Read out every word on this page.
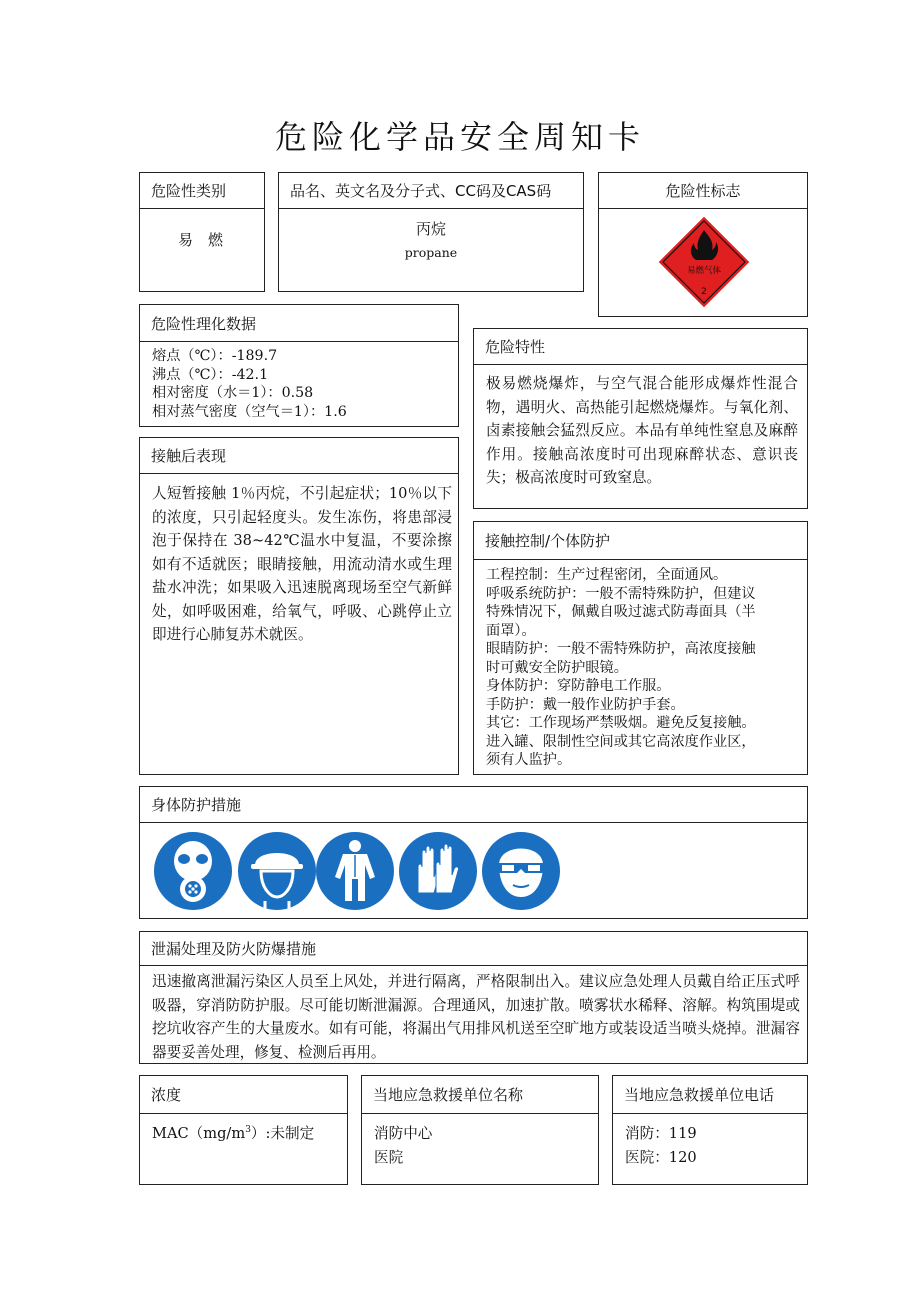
危险化学品安全周知卡
危险性类别
易　燃
品名、英文名及分子式、CC码及CAS码
丙烷
propane
危险性标志
易燃气体
2
危险性理化数据
熔点（℃）：-189.7
沸点（℃）：-42.1
相对密度（水＝1）：0.58
相对蒸气密度（空气＝1）：1.6
危险特性
极易燃烧爆炸，与空气混合能形成爆炸性混合物，遇明火、高热能引起燃烧爆炸。与氧化剂、卤素接触会猛烈反应。本品有单纯性窒息及麻醉作用。接触高浓度时可出现麻醉状态、意识丧失；极高浓度时可致窒息。
接触后表现
人短暂接触 1％丙烷，不引起症状；10％以下的浓度，只引起轻度头。发生冻伤，将患部浸泡于保持在 38~42℃温水中复温，不要涂擦如有不适就医；眼睛接触，用流动清水或生理盐水冲洗；如果吸入迅速脱离现场至空气新鲜处，如呼吸困难，给氧气，呼吸、心跳停止立即进行心肺复苏术就医。
接触控制/个体防护
工程控制：生产过程密闭，全面通风。
呼吸系统防护：一般不需特殊防护，但建议
特殊情况下，佩戴自吸过滤式防毒面具（半
面罩）。
眼睛防护：一般不需特殊防护，高浓度接触
时可戴安全防护眼镜。
身体防护：穿防静电工作服。
手防护：戴一般作业防护手套。
其它：工作现场严禁吸烟。避免反复接触。
进入罐、限制性空间或其它高浓度作业区，
须有人监护。
身体防护措施
泄漏处理及防火防爆措施
迅速撤离泄漏污染区人员至上风处，并进行隔离，严格限制出入。建议应急处理人员戴自给正压式呼吸器，穿消防防护服。尽可能切断泄漏源。合理通风，加速扩散。喷雾状水稀释、溶解。构筑围堤或挖坑收容产生的大量废水。如有可能，将漏出气用排风机送至空旷地方或装设适当喷头烧掉。泄漏容器要妥善处理，修复、检测后再用。
浓度
$MAC(mg/m^3)$:未制定
当地应急救援单位名称
消防中心
医院
当地应急救援单位电话
消防：119
医院：120
